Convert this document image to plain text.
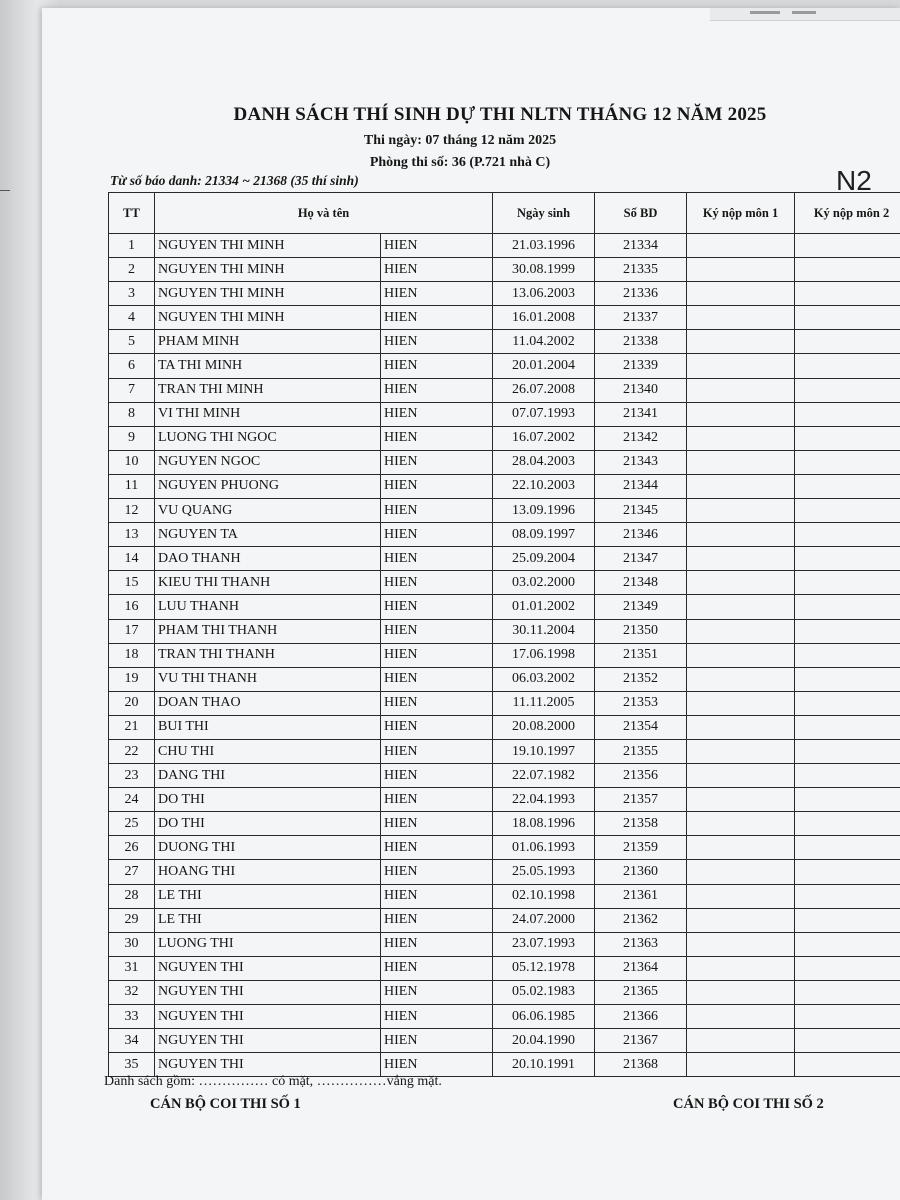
DANH SÁCH THÍ SINH DỰ THI NLTN THÁNG 12 NĂM 2025
Thi ngày: 07 tháng 12 năm 2025
Phòng thi số: 36 (P.721 nhà C)
Từ số báo danh: 21334 ~ 21368 (35 thí sinh)	N2
TT	Họ và tên		Ngày sinh	Số BD	Ký nộp môn 1	Ký nộp môn 2
1	NGUYEN THI MINH	HIEN	21.03.1996	21334		
2	NGUYEN THI MINH	HIEN	30.08.1999	21335		
3	NGUYEN THI MINH	HIEN	13.06.2003	21336		
4	NGUYEN THI MINH	HIEN	16.01.2008	21337		
5	PHAM MINH	HIEN	11.04.2002	21338		
6	TA THI MINH	HIEN	20.01.2004	21339		
7	TRAN THI MINH	HIEN	26.07.2008	21340		
8	VI THI MINH	HIEN	07.07.1993	21341		
9	LUONG THI NGOC	HIEN	16.07.2002	21342		
10	NGUYEN NGOC	HIEN	28.04.2003	21343		
11	NGUYEN PHUONG	HIEN	22.10.2003	21344		
12	VU QUANG	HIEN	13.09.1996	21345		
13	NGUYEN TA	HIEN	08.09.1997	21346		
14	DAO THANH	HIEN	25.09.2004	21347		
15	KIEU THI THANH	HIEN	03.02.2000	21348		
16	LUU THANH	HIEN	01.01.2002	21349		
17	PHAM THI THANH	HIEN	30.11.2004	21350		
18	TRAN THI THANH	HIEN	17.06.1998	21351		
19	VU THI THANH	HIEN	06.03.2002	21352		
20	DOAN THAO	HIEN	11.11.2005	21353		
21	BUI THI	HIEN	20.08.2000	21354		
22	CHU THI	HIEN	19.10.1997	21355		
23	DANG THI	HIEN	22.07.1982	21356		
24	DO THI	HIEN	22.04.1993	21357		
25	DO THI	HIEN	18.08.1996	21358		
26	DUONG THI	HIEN	01.06.1993	21359		
27	HOANG THI	HIEN	25.05.1993	21360		
28	LE THI	HIEN	02.10.1998	21361		
29	LE THI	HIEN	24.07.2000	21362		
30	LUONG THI	HIEN	23.07.1993	21363		
31	NGUYEN THI	HIEN	05.12.1978	21364		
32	NGUYEN THI	HIEN	05.02.1983	21365		
33	NGUYEN THI	HIEN	06.06.1985	21366		
34	NGUYEN THI	HIEN	20.04.1990	21367		
35	NGUYEN THI	HIEN	20.10.1991	21368		
Danh sách gồm: …………… có mặt, ……………vắng mặt.
CÁN BỘ COI THI SỐ 1	CÁN BỘ COI THI SỐ 2
